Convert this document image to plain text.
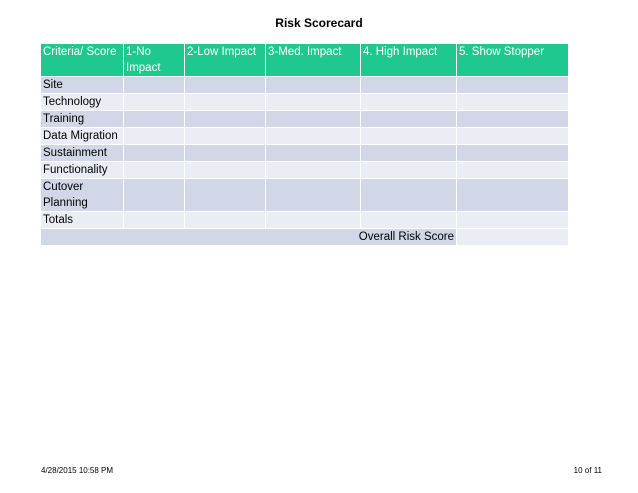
Risk Scorecard
Criteria/ Score	1-No Impact	2-Low Impact	3-Med. Impact	4. High Impact	5. Show Stopper
Site					
Technology					
Training					
Data Migration					
Sustainment					
Functionality					
Cutover Planning					
Totals					
Overall Risk Score					
4/28/2015 10:58 PM	10 of 11
